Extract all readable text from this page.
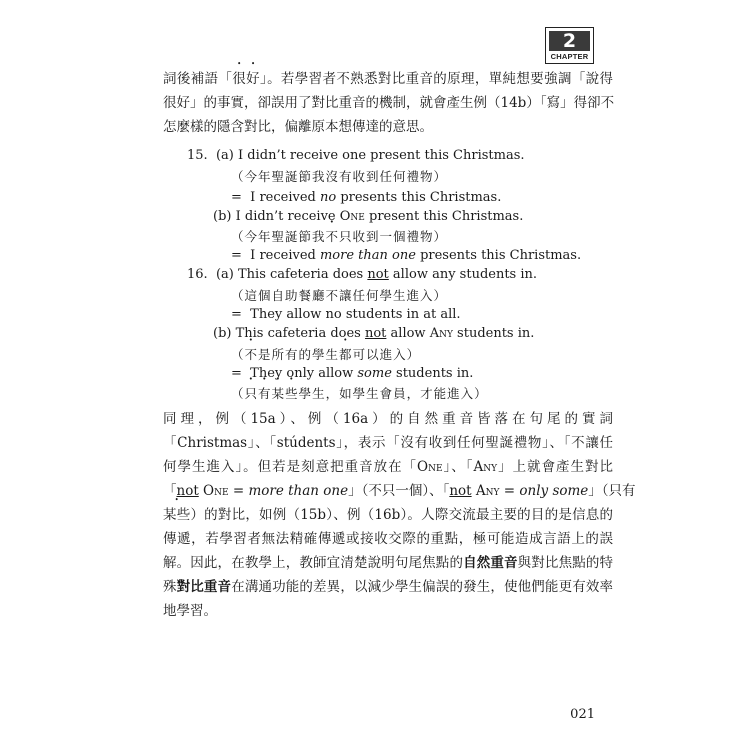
2
CHAPTER
詞後補語「很好」。若學習者不熟悉對比重音的原理，單純想要強調「說得
很好」的事實，卻誤用了對比重音的機制，就會產生例（14b）「寫」得卻不
怎麼樣的隱含對比，偏離原本想傳達的意思。
15. (a) I didn’t receive one present this Christmas.
（今年聖誕節我沒有收到任何禮物）
= I received no presents this Christmas.
(b) I didn’t receive One present this Christmas.
（今年聖誕節我不只收到一個禮物）
= I received more than one presents this Christmas.
16. (a) This cafeteria does not allow any students in.
（這個自助餐廳不讓任何學生進入）
= They allow no students in at all.
(b) This cafeteria does not allow Any students in.
（不是所有的學生都可以進入）
= They only allow some students in.
（只有某些學生，如學生會員，才能進入）
同理，例（15a）、例（16a）的自然重音皆落在句尾的實詞
「Christmas」、「stúdents」，表示「沒有收到任何聖誕禮物」、「不讓任
何學生進入」。但若是刻意把重音放在「One」、「Any」上就會產生對比
「not One = more than one」（不只一個）、「not Any = only some」（只有
某些）的對比，如例（15b）、例（16b）。人際交流最主要的目的是信息的
傳遞，若學習者無法精確傳遞或接收交際的重點，極可能造成言語上的誤
解。因此，在教學上，教師宜清楚說明句尾焦點的自然重音與對比焦點的特
殊對比重音在溝通功能的差異，以減少學生偏誤的發生，使他們能更有效率
地學習。
021
